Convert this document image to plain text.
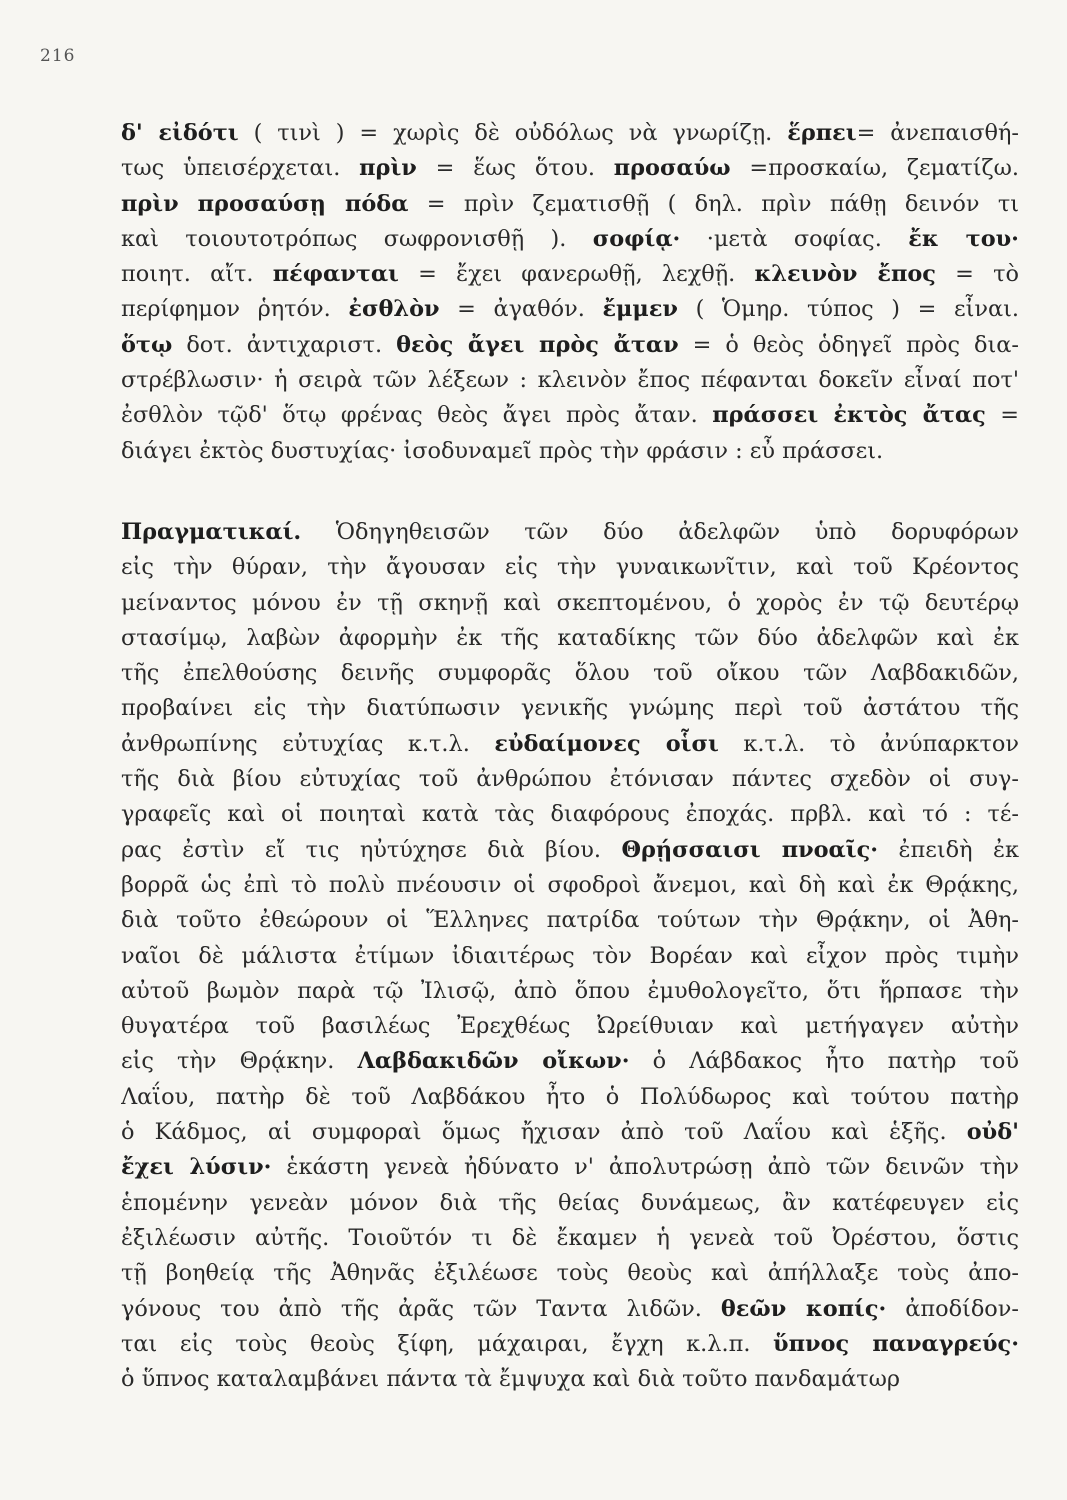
216
δ' εἰδότι ( τινὶ ) = χωρὶς δὲ οὐδόλως νὰ γνωρίζῃ. ἕρπει= ἀνεπαισθή-
τως ὑπεισέρχεται. πρὶν = ἕως ὅτου. προσαύω =προσκαίω, ζεματίζω.
πρὶν προσαύσῃ πόδα = πρὶν ζεματισθῇ ( δηλ. πρὶν πάθῃ δεινόν τι
καὶ τοιουτοτρόπως σωφρονισθῇ ). σοφίᾳ· ·μετὰ σοφίας. ἔκ του·
ποιητ. αἴτ. πέφανται = ἔχει φανερωθῇ, λεχθῇ. κλεινὸν ἔπος = τὸ
περίφημον ῥητόν. ἐσθλὸν = ἀγαθόν. ἔμμεν ( Ὁμηρ. τύπος ) = εἶναι.
ὅτῳ δοτ. ἀντιχαριστ. θεὸς ἄγει πρὸς ἄταν = ὁ θεὸς ὁδηγεῖ πρὸς δια-
στρέβλωσιν· ἡ σειρὰ τῶν λέξεων : κλεινὸν ἔπος πέφανται δοκεῖν εἶναί ποτ'
ἐσθλὸν τῷδ' ὅτῳ φρένας θεὸς ἄγει πρὸς ἄταν. πράσσει ἐκτὸς ἄτας =
διάγει ἐκτὸς δυστυχίας· ἰσοδυναμεῖ πρὸς τὴν φράσιν : εὖ πράσσει.
Πραγματικαί. Ὁδηγηθεισῶν τῶν δύο ἀδελφῶν ὑπὸ δορυφόρων
εἰς τὴν θύραν, τὴν ἄγουσαν εἰς τὴν γυναικωνῖτιν, καὶ τοῦ Κρέοντος
μείναντος μόνου ἐν τῇ σκηνῇ καὶ σκεπτομένου, ὁ χορὸς ἐν τῷ δευτέρῳ
στασίμῳ, λαβὼν ἀφορμὴν ἐκ τῆς καταδίκης τῶν δύο ἀδελφῶν καὶ ἐκ
τῆς ἐπελθούσης δεινῆς συμφορᾶς ὅλου τοῦ οἴκου τῶν Λαβδακιδῶν,
προβαίνει εἰς τὴν διατύπωσιν γενικῆς γνώμης περὶ τοῦ ἀστάτου τῆς
ἀνθρωπίνης εὐτυχίας κ.τ.λ. εὐδαίμονες οἷσι κ.τ.λ. τὸ ἀνύπαρκτον
τῆς διὰ βίου εὐτυχίας τοῦ ἀνθρώπου ἐτόνισαν πάντες σχεδὸν οἱ συγ-
γραφεῖς καὶ οἱ ποιηταὶ κατὰ τὰς διαφόρους ἐποχάς. πρβλ. καὶ τό : τέ-
ρας ἐστὶν εἴ τις ηὐτύχησε διὰ βίου. Θρῄσσαισι πνοαῖς· ἐπειδὴ ἐκ
βορρᾶ ὡς ἐπὶ τὸ πολὺ πνέουσιν οἱ σφοδροὶ ἄνεμοι, καὶ δὴ καὶ ἐκ Θρᾴκης,
διὰ τοῦτο ἐθεώρουν οἱ Ἕλληνες πατρίδα τούτων τὴν Θρᾴκην, οἱ Ἀθη-
ναῖοι δὲ μάλιστα ἐτίμων ἰδιαιτέρως τὸν Βορέαν καὶ εἶχον πρὸς τιμὴν
αὐτοῦ βωμὸν παρὰ τῷ Ἰλισῷ, ἀπὸ ὅπου ἐμυθολογεῖτο, ὅτι ἥρπασε τὴν
θυγατέρα τοῦ βασιλέως Ἐρεχθέως Ὠρείθυιαν καὶ μετήγαγεν αὐτὴν
εἰς τὴν Θρᾴκην. Λαβδακιδῶν οἴκων· ὁ Λάβδακος ἦτο πατὴρ τοῦ
Λαΐου, πατὴρ δὲ τοῦ Λαβδάκου ἦτο ὁ Πολύδωρος καὶ τούτου πατὴρ
ὁ Κάδμος, αἱ συμφοραὶ ὅμως ἤχισαν ἀπὸ τοῦ Λαΐου καὶ ἑξῆς. οὐδ'
ἔχει λύσιν· ἑκάστη γενεὰ ἠδύνατο ν' ἀπολυτρώσῃ ἀπὸ τῶν δεινῶν τὴν
ἑπομένην γενεὰν μόνον διὰ τῆς θείας δυνάμεως, ἂν κατέφευγεν εἰς
ἐξιλέωσιν αὐτῆς. Τοιοῦτόν τι δὲ ἔκαμεν ἡ γενεὰ τοῦ Ὀρέστου, ὅστις
τῇ βοηθείᾳ τῆς Ἀθηνᾶς ἐξιλέωσε τοὺς θεοὺς καὶ ἀπήλλαξε τοὺς ἀπο-
γόνους του ἀπὸ τῆς ἀρᾶς τῶν Ταντα λιδῶν. θεῶν κοπίς· ἀποδίδον-
ται εἰς τοὺς θεοὺς ξίφη, μάχαιραι, ἔγχη κ.λ.π. ὕπνος παναγρεύς·
ὁ ὕπνος καταλαμβάνει πάντα τὰ ἔμψυχα καὶ διὰ τοῦτο πανδαμάτωρ
